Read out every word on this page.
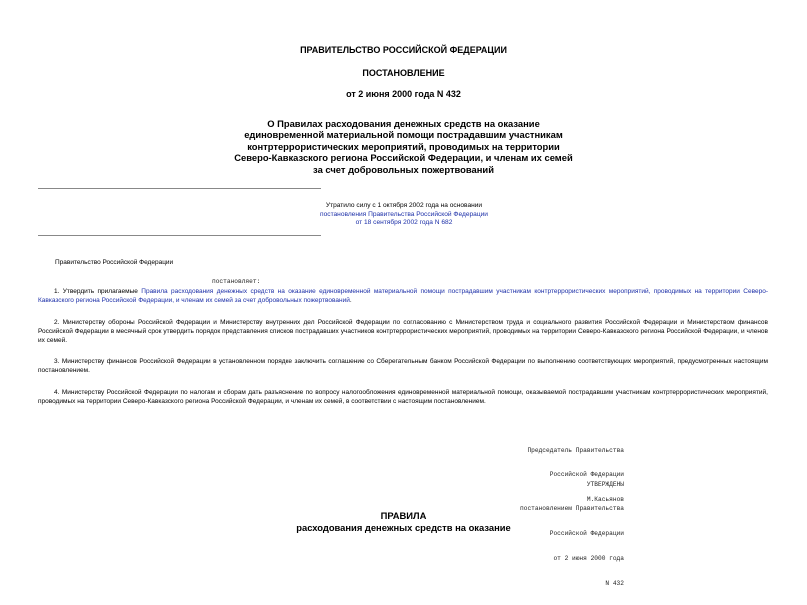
ПРАВИТЕЛЬСТВО РОССИЙСКОЙ ФЕДЕРАЦИИ
ПОСТАНОВЛЕНИЕ
от 2 июня 2000 года N 432
О Правилах расходования денежных средств на оказание
единовременной материальной помощи пострадавшим участникам
контртеррористических мероприятий, проводимых на территории
Северо-Кавказского региона Российской Федерации, и членам их семей
за счет добровольных пожертвований
Утратило силу с 1 октября 2002 года на основании
постановления Правительства Российской Федерации
от 18 сентября 2002 года N 682
Правительство Российской Федерации
постановляет:
1. Утвердить прилагаемые Правила расходования денежных средств на оказание единовременной материальной помощи пострадавшим участникам контртеррористических мероприятий, проводимых на территории Северо-Кавказского региона Российской Федерации, и членам их семей за счет добровольных пожертвований.
2. Министерству обороны Российской Федерации и Министерству внутренних дел Российской Федерации по согласованию с Министерством труда и социального развития Российской Федерации и Министерством финансов Российской Федерации в месячный срок утвердить порядок представления списков пострадавших участников контртеррористических мероприятий, проводимых на территории Северо-Кавказского региона Российской Федерации, и членов их семей.
3. Министерству финансов Российской Федерации в установленном порядке заключить соглашение со Сберегательным банком Российской Федерации по выполнению соответствующих мероприятий, предусмотренных настоящим постановлением.
4. Министерству Российской Федерации по налогам и сборам дать разъяснение по вопросу налогообложения единовременной материальной помощи, оказываемой пострадавшим участникам контртеррористических мероприятий, проводимых на территории Северо-Кавказского региона Российской Федерации, и членам их семей, в соответствии с настоящим постановлением.

Председатель Правительства

Российской Федерации

М.Касьянов

УТВЕРЖДЕНЫ

постановлением Правительства

Российской Федерации

от 2 июня 2000 года

N 432

ПРАВИЛА
расходования денежных средств на оказание
